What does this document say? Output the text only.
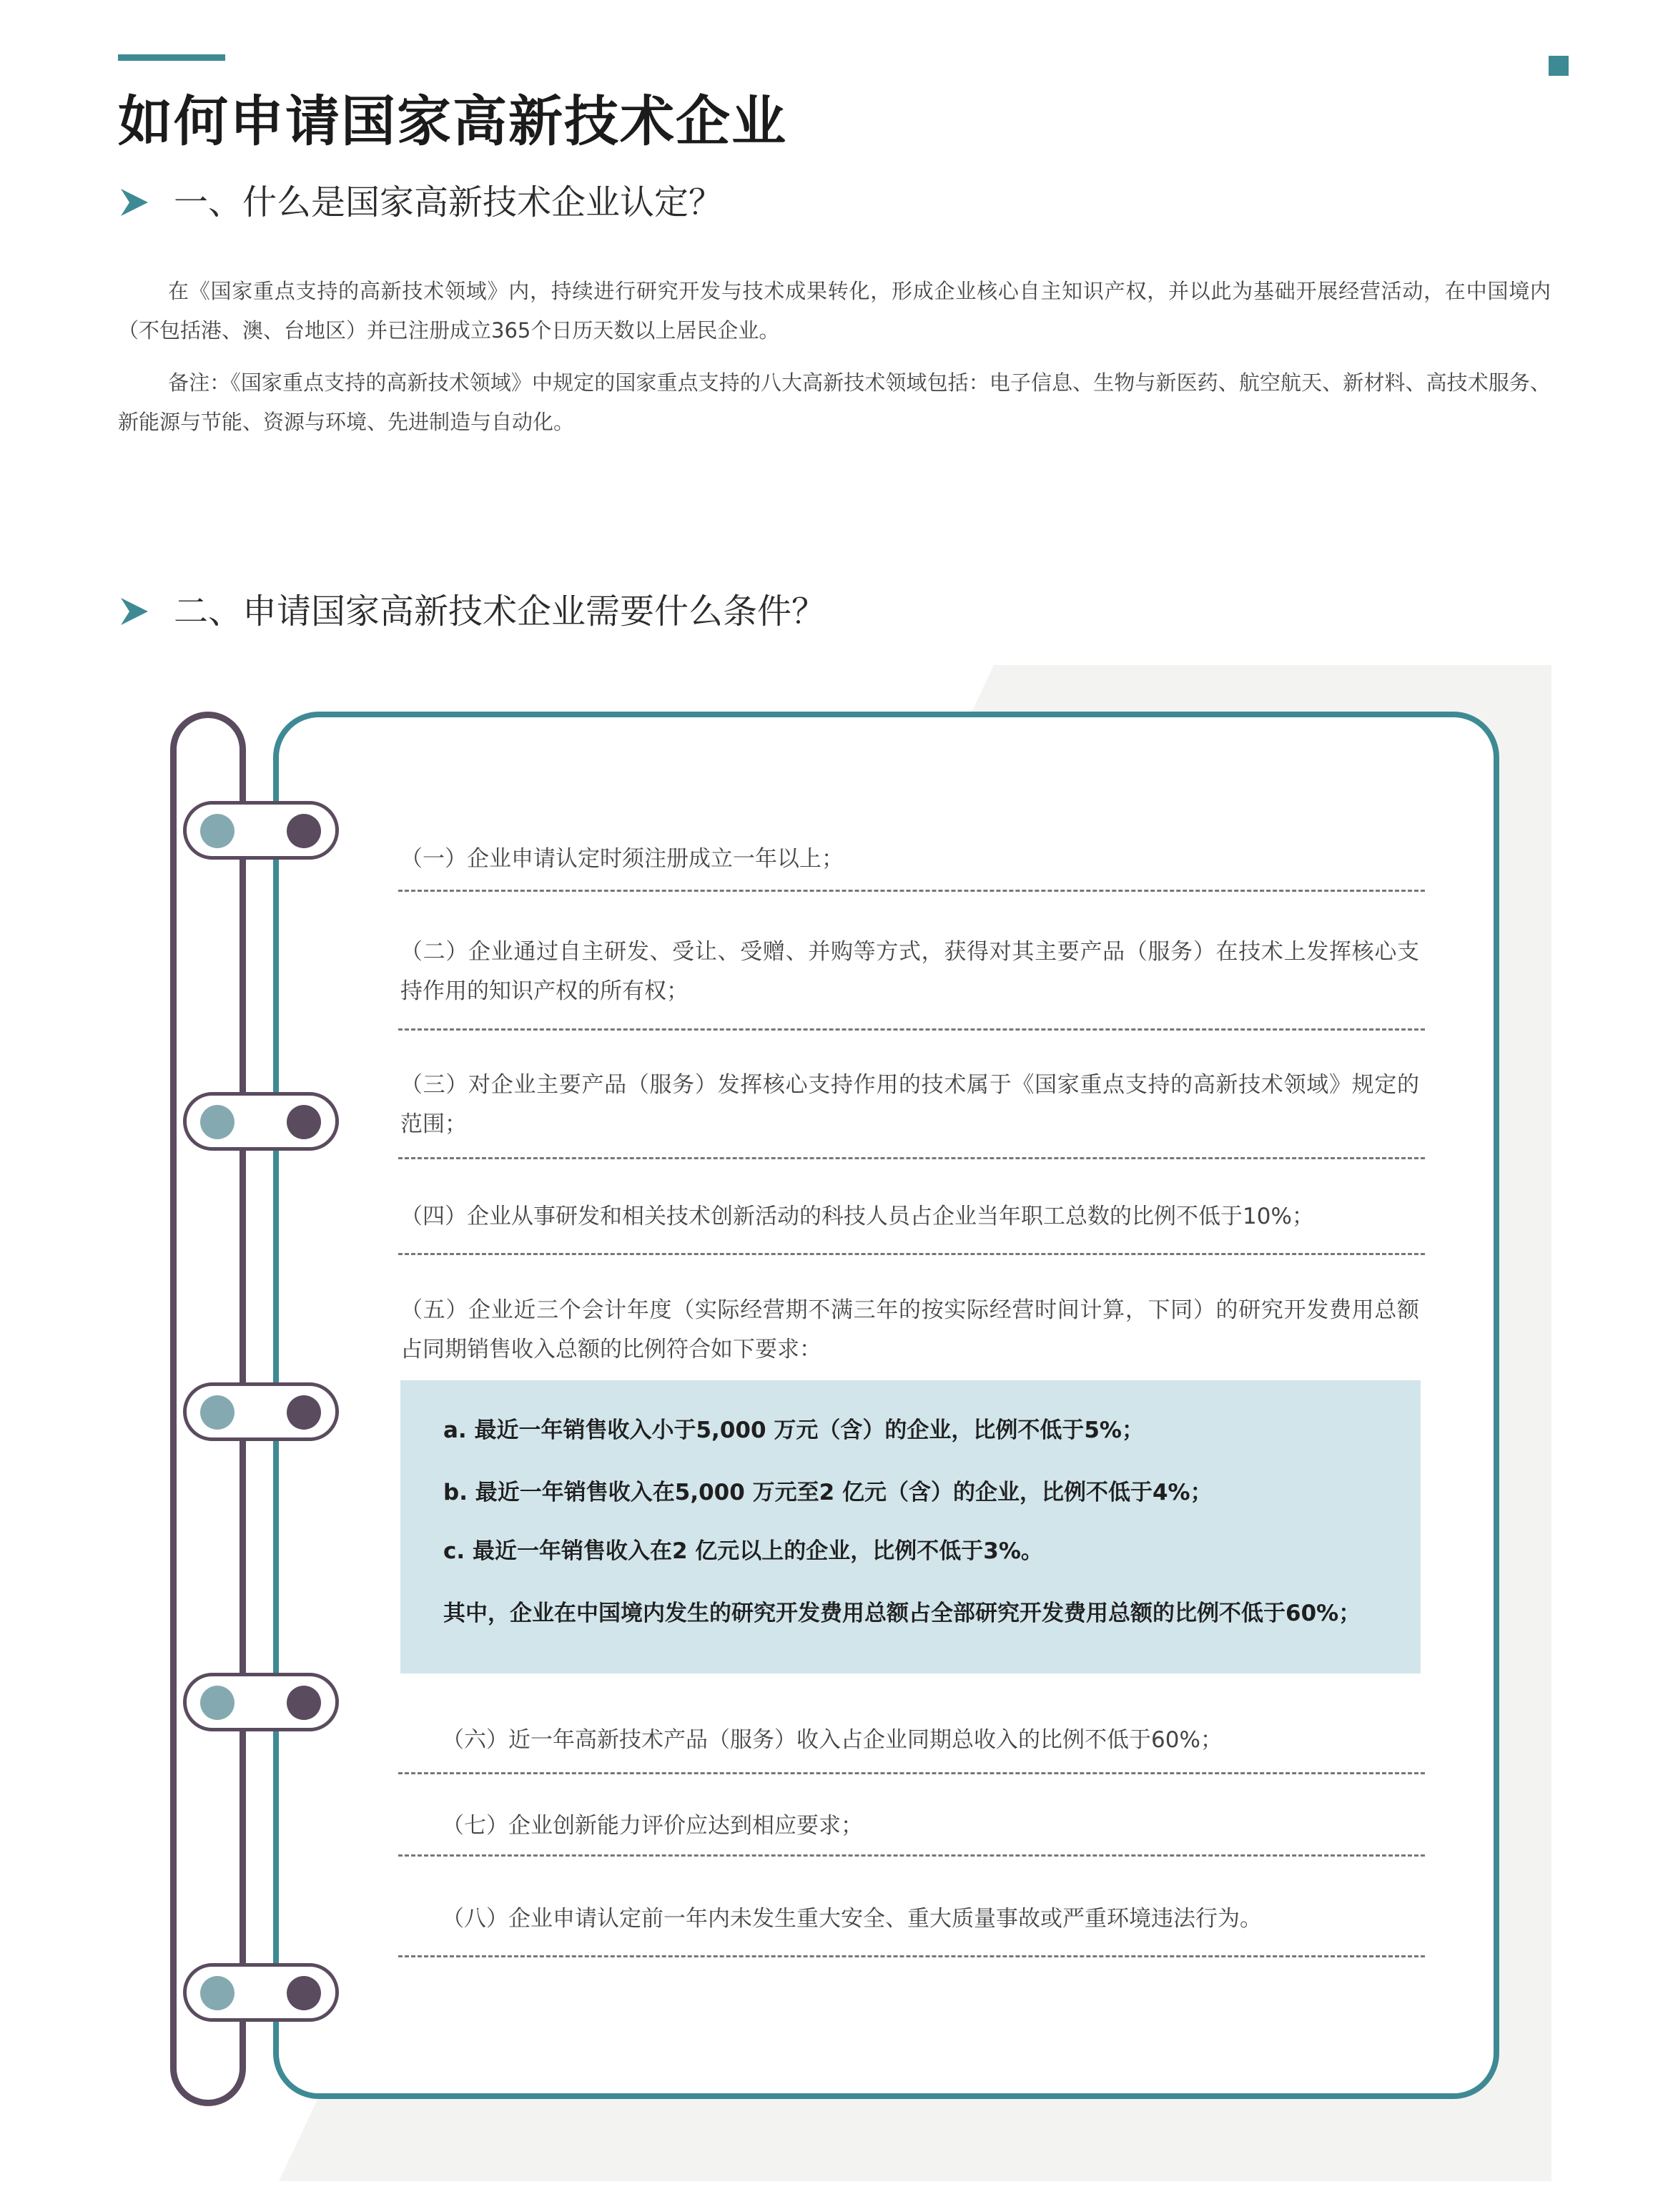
如何申请国家高新技术企业
一、什么是国家高新技术企业认定？

在《国家重点支持的高新技术领域》内，持续进行研究开发与技术成果转化，形成企业核心自主知识产权，并以此为基础开展经营活动，在中国境内（不包括港、澳、台地区）并已注册成立365个日历天数以上居民企业。

备注：《国家重点支持的高新技术领域》中规定的国家重点支持的八大高新技术领域包括：电子信息、生物与新医药、航空航天、新材料、高技术服务、新能源与节能、资源与环境、先进制造与自动化。

二、申请国家高新技术企业需要什么条件？
（一）企业申请认定时须注册成立一年以上；
（二）企业通过自主研发、受让、受赠、并购等方式，获得对其主要产品（服务）在技术上发挥核心支持作用的知识产权的所有权；
（三）对企业主要产品（服务）发挥核心支持作用的技术属于《国家重点支持的高新技术领域》规定的范围；
（四）企业从事研发和相关技术创新活动的科技人员占企业当年职工总数的比例不低于10%；
（五）企业近三个会计年度（实际经营期不满三年的按实际经营时间计算，下同）的研究开发费用总额占同期销售收入总额的比例符合如下要求：
a. 最近一年销售收入小于5,000 万元（含）的企业，比例不低于5%；
b. 最近一年销售收入在5,000 万元至2 亿元（含）的企业，比例不低于4%；
c. 最近一年销售收入在2 亿元以上的企业，比例不低于3%。
其中，企业在中国境内发生的研究开发费用总额占全部研究开发费用总额的比例不低于60%；
（六）近一年高新技术产品（服务）收入占企业同期总收入的比例不低于60%；
（七）企业创新能力评价应达到相应要求；
（八）企业申请认定前一年内未发生重大安全、重大质量事故或严重环境违法行为。
